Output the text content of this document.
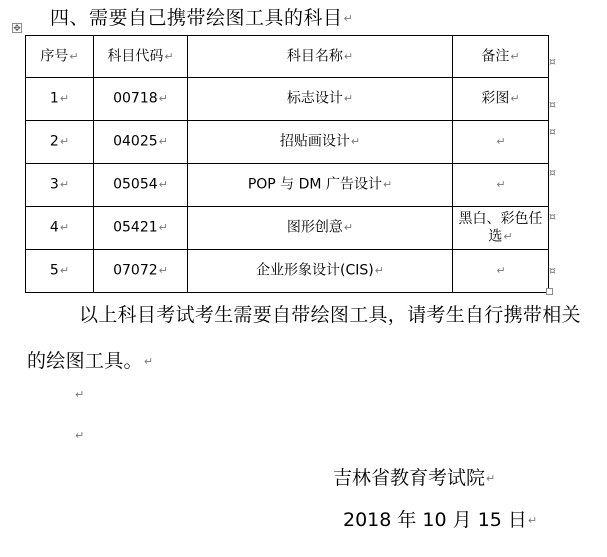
四、需要自己携带绘图工具的科目↵
✥
序号↵	科目代码↵	科目名称↵	备注↵
1↵	00718↵	标志设计↵	彩图↵
2↵	04025↵	招贴画设计↵	↵
3↵	05054↵	POP 与 DM 广告设计↵	↵
4↵	05421↵	图形创意↵	黑白、彩色任选↵
5↵	07072↵	企业形象设计(CIS)↵	↵
¤
¤
¤
¤
¤
¤
以上科目考试考生需要自带绘图工具，请考生自行携带相关的绘图工具。↵
↵
↵
吉林省教育考试院↵
2018 年 10 月 15 日↵
